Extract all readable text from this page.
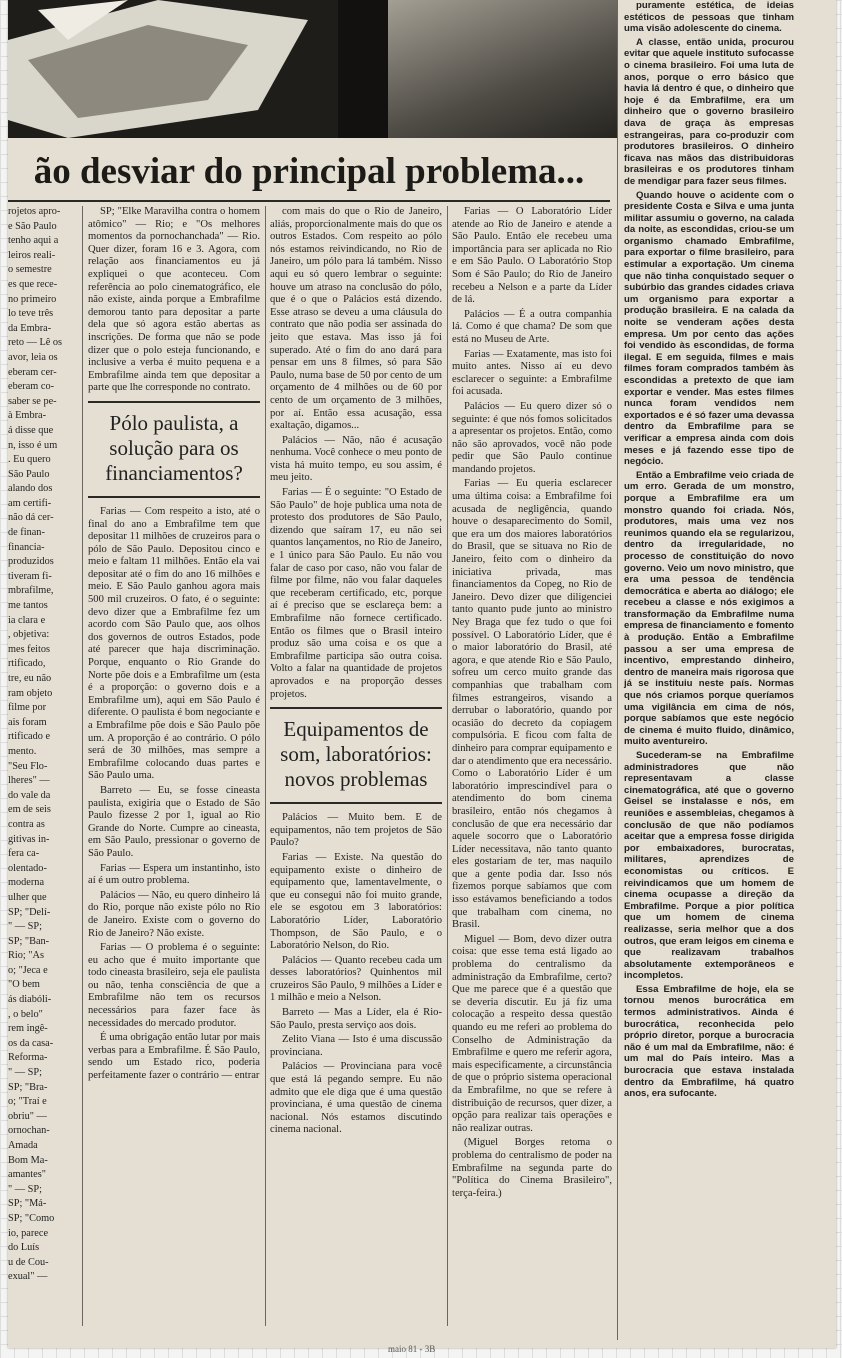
ão desviar do principal problema...

rojetos apro-

e São Paulo

tenho aqui a

leiros reali-

o semestre

es que rece-

no primeiro

lo teve três

da Embra-

reto — Lê os

avor, leia os

eberam cer-

eberam co-

saber se pe-

à Embra-

á disse que

n, isso é um

. Eu quero

São Paulo

alando dos

am certifi-

não dá cer-

de finan-

financia-

produzidos

tiveram fi-

mbrafilme,

me tantos

ia clara e

, objetiva:

mes feitos

rtificado,

tre, eu não

ram objeto

filme por

ais foram

rtificado e

mento.

"Seu Flo-

lheres" —

do vale da

em de seis

contra as

gitivas in-

fera ca-

olentado-

moderna

ulher que

SP; "Delí-

" — SP;

SP; "Ban-

Rio; "As

o; "Jeca e

"O bem

ás diabóli-

, o belo"

rem ingê-

os da casa-

Reforma-

" — SP;

SP; "Bra-

o; "Traí e

obriu" —

ornochan-

Amada

Bom Ma-

amantes"

" — SP;

SP; "Má-

SP; "Como

io, parece

do Luís

u de Cou-

exual" —

SP; "Elke Maravilha contra o homem atômico" — Rio; e "Os melhores momentos da pornochanchada" — Rio. Quer dizer, foram 16 e 3. Agora, com relação aos financiamentos eu já expliquei o que aconteceu. Com referência ao polo cinematográfico, ele não existe, ainda porque a Embrafilme demorou tanto para depositar a parte dela que só agora estão abertas as inscrições. De forma que não se pode dizer que o polo esteja funcionando, e inclusive a verba é muito pequena e a Embrafilme ainda tem que depositar a parte que lhe corresponde no contrato.

Pólo paulista, a solução para os financiamentos?

Farias — Com respeito a isto, até o final do ano a Embrafilme tem que depositar 11 milhões de cruzeiros para o pólo de São Paulo. Depositou cinco e meio e faltam 11 milhões. Então ela vai depositar até o fim do ano 16 milhões e meio. E São Paulo ganhou agora mais 500 mil cruzeiros. O fato, é o seguinte: devo dizer que a Embrafilme fez um acordo com São Paulo que, aos olhos dos governos de outros Estados, pode até parecer que haja discriminação. Porque, enquanto o Rio Grande do Norte põe dois e a Embrafilme um (esta é a proporção: o governo dois e a Embrafilme um), aqui em São Paulo é diferente. O paulista é bom negociante e a Embrafilme põe dois e São Paulo põe um. A proporção é ao contrário. O pólo será de 30 milhões, mas sempre a Embrafilme colocando duas partes e São Paulo uma.

Barreto — Eu, se fosse cineasta paulista, exigiria que o Estado de São Paulo fizesse 2 por 1, igual ao Rio Grande do Norte. Cumpre ao cineasta, em São Paulo, pressionar o governo de São Paulo.

Farias — Espera um instantinho, isto aí é um outro problema.

Palácios — Não, eu quero dinheiro lá do Rio, porque não existe pólo no Rio de Janeiro. Existe com o governo do Rio de Janeiro? Não existe.

Farias — O problema é o seguinte: eu acho que é muito importante que todo cineasta brasileiro, seja ele paulista ou não, tenha consciência de que a Embrafilme não tem os recursos necessários para fazer face às necessidades do mercado produtor.

É uma obrigação então lutar por mais verbas para a Embrafilme. É São Paulo, sendo um Estado rico, poderia perfeitamente fazer o contrário — entrar

com mais do que o Rio de Janeiro, aliás, proporcionalmente mais do que os outros Estados. Com respeito ao pólo nós estamos reivindicando, no Rio de Janeiro, um pólo para lá também. Nisso aqui eu só quero lembrar o seguinte: houve um atraso na conclusão do pólo, que é o que o Palácios está dizendo. Esse atraso se deveu a uma cláusula do contrato que não podia ser assinada do jeito que estava. Mas isso já foi superado. Até o fim do ano dará para pensar em uns 8 filmes, só para São Paulo, numa base de 50 por cento de um orçamento de 4 milhões ou de 60 por cento de um orçamento de 3 milhões, por aí. Então essa acusação, essa exaltação, digamos...

Palácios — Não, não é acusação nenhuma. Você conhece o meu ponto de vista há muito tempo, eu sou assim, é meu jeito.

Farias — É o seguinte: "O Estado de São Paulo" de hoje publica uma nota de protesto dos produtores de São Paulo, dizendo que saíram 17, eu não sei quantos lançamentos, no Rio de Janeiro, e 1 único para São Paulo. Eu não vou falar de caso por caso, não vou falar de filme por filme, não vou falar daqueles que receberam certificado, etc, porque aí é preciso que se esclareça bem: a Embrafilme não fornece certificado. Então os filmes que o Brasil inteiro produz são uma coisa e os que a Embrafilme participa são outra coisa. Volto a falar na quantidade de projetos aprovados e na proporção desses projetos.

Equipamentos de som, laboratórios: novos problemas

Palácios — Muito bem. E de equipamentos, não tem projetos de São Paulo?

Farias — Existe. Na questão do equipamento existe o dinheiro de equipamento que, lamentavelmente, o que eu consegui não foi muito grande, ele se esgotou em 3 laboratórios: Laboratório Líder, Laboratório Thompson, de São Paulo, e o Laboratório Nelson, do Rio.

Palácios — Quanto recebeu cada um desses laboratórios? Quinhentos mil cruzeiros São Paulo, 9 milhões a Líder e 1 milhão e meio a Nelson.

Barreto — Mas a Líder, ela é Rio-São Paulo, presta serviço aos dois.

Zelito Viana — Isto é uma discussão provinciana.

Palácios — Provinciana para você que está lá pegando sempre. Eu não admito que ele diga que é uma questão provinciana, é uma questão de cinema nacional. Nós estamos discutindo cinema nacional.

Farias — O Laboratório Líder atende ao Rio de Janeiro e atende a São Paulo. Então ele recebeu uma importância para ser aplicada no Rio e em São Paulo. O Laboratório Stop Som é São Paulo; do Rio de Janeiro recebeu a Nelson e a parte da Líder de lá.

Palácios — É a outra companhia lá. Como é que chama? De som que está no Museu de Arte.

Farias — Exatamente, mas isto foi muito antes. Nisso aí eu devo esclarecer o seguinte: a Embrafilme foi acusada.

Palácios — Eu quero dizer só o seguinte: é que nós fomos solicitados a apresentar os projetos. Então, como não são aprovados, você não pode pedir que São Paulo continue mandando projetos.

Farias — Eu queria esclarecer uma última coisa: a Embrafilme foi acusada de negligência, quando houve o desaparecimento do Somil, que era um dos maiores laboratórios do Brasil, que se situava no Rio de Janeiro, feito com o dinheiro da iniciativa privada, mas financiamentos da Copeg, no Rio de Janeiro. Devo dizer que diligenciei tanto quanto pude junto ao ministro Ney Braga que fez tudo o que foi possível. O Laboratório Líder, que é o maior laboratório do Brasil, até agora, e que atende Rio e São Paulo, sofreu um cerco muito grande das companhias que trabalham com filmes estrangeiros, visando a derrubar o laboratório, quando por ocasião do decreto da copiagem compulsória. E ficou com falta de dinheiro para comprar equipamento e dar o atendimento que era necessário. Como o Laboratório Líder é um laboratório imprescindível para o atendimento do bom cinema brasileiro, então nós chegamos à conclusão de que era necessário dar aquele socorro que o Laboratório Líder necessitava, não tanto quanto eles gostariam de ter, mas naquilo que a gente podia dar. Isso nós fizemos porque sabíamos que com isso estávamos beneficiando a todos que trabalham com cinema, no Brasil.

Miguel — Bom, devo dizer outra coisa: que esse tema está ligado ao problema do centralismo da administração da Embrafilme, certo? Que me parece que é a questão que se deveria discutir. Eu já fiz uma colocação a respeito dessa questão quando eu me referi ao problema do Conselho de Administração da Embrafilme e quero me referir agora, mais especificamente, a circunstância de que o próprio sistema operacional da Embrafilme, no que se refere à distribuição de recursos, quer dizer, a opção para realizar tais operações e não realizar outras.

(Miguel Borges retoma o problema do centralismo de poder na Embrafilme na segunda parte do "Política do Cinema Brasileiro", terça-feira.)

puramente estética, de ideias estéticos de pessoas que tinham uma visão adolescente do cinema.

A classe, então unida, procurou evitar que aquele instituto sufocasse o cinema brasileiro. Foi uma luta de anos, porque o erro básico que havia lá dentro é que, o dinheiro que hoje é da Embrafilme, era um dinheiro que o governo brasileiro dava de graça às empresas estrangeiras, para co-produzir com produtores brasileiros. O dinheiro ficava nas mãos das distribuidoras brasileiras e os produtores tinham de mendigar para fazer seus filmes.

Quando houve o acidente com o presidente Costa e Silva e uma junta militar assumiu o governo, na calada da noite, as escondidas, criou-se um organismo chamado Embrafilme, para exportar o filme brasileiro, para estimular a exportação. Um cinema que não tinha conquistado sequer o subúrbio das grandes cidades criava um organismo para exportar a produção brasileira. E na calada da noite se venderam ações desta empresa. Um por cento das ações foi vendido às escondidas, de forma ilegal. E em seguida, filmes e mais filmes foram comprados também às escondidas a pretexto de que iam exportar e vender. Mas estes filmes nunca foram vendidos nem exportados e é só fazer uma devassa dentro da Embrafilme para se verificar a empresa ainda com dois meses e já fazendo esse tipo de negócio.

Então a Embrafilme veio criada de um erro. Gerada de um monstro, porque a Embrafilme era um monstro quando foi criada. Nós, produtores, mais uma vez nos reunimos quando ela se regularizou, dentro da irregularidade, no processo de constituição do novo governo. Veio um novo ministro, que era uma pessoa de tendência democrática e aberta ao diálogo; ele recebeu a classe e nós exigimos a transformação da Embrafilme numa empresa de financiamento e fomento à produção. Então a Embrafilme passou a ser uma empresa de incentivo, emprestando dinheiro, dentro de maneira mais rigorosa que já se instituiu neste país. Normas que nós criamos porque queríamos uma vigilância em cima de nós, porque sabíamos que este negócio de cinema é muito fluido, dinâmico, muito aventureiro.

Sucederam-se na Embrafilme administradores que não representavam a classe cinematográfica, até que o governo Geisel se instalasse e nós, em reuniões e assembleias, chegamos à conclusão de que não podíamos aceitar que a empresa fosse dirigida por embaixadores, burocratas, militares, aprendizes de economistas ou críticos. E reivindicamos que um homem de cinema ocupasse a direção da Embrafilme. Porque a pior política que um homem de cinema realizasse, seria melhor que a dos outros, que eram leigos em cinema e que realizavam trabalhos absolutamente extemporâneos e incompletos.

Essa Embrafilme de hoje, ela se tornou menos burocrática em termos administrativos. Ainda é burocrática, reconhecida pelo próprio diretor, porque a burocracia não é um mal da Embrafilme, não: é um mal do País inteiro. Mas a burocracia que estava instalada dentro da Embrafilme, há quatro anos, era sufocante.

maio 81 - 3B
